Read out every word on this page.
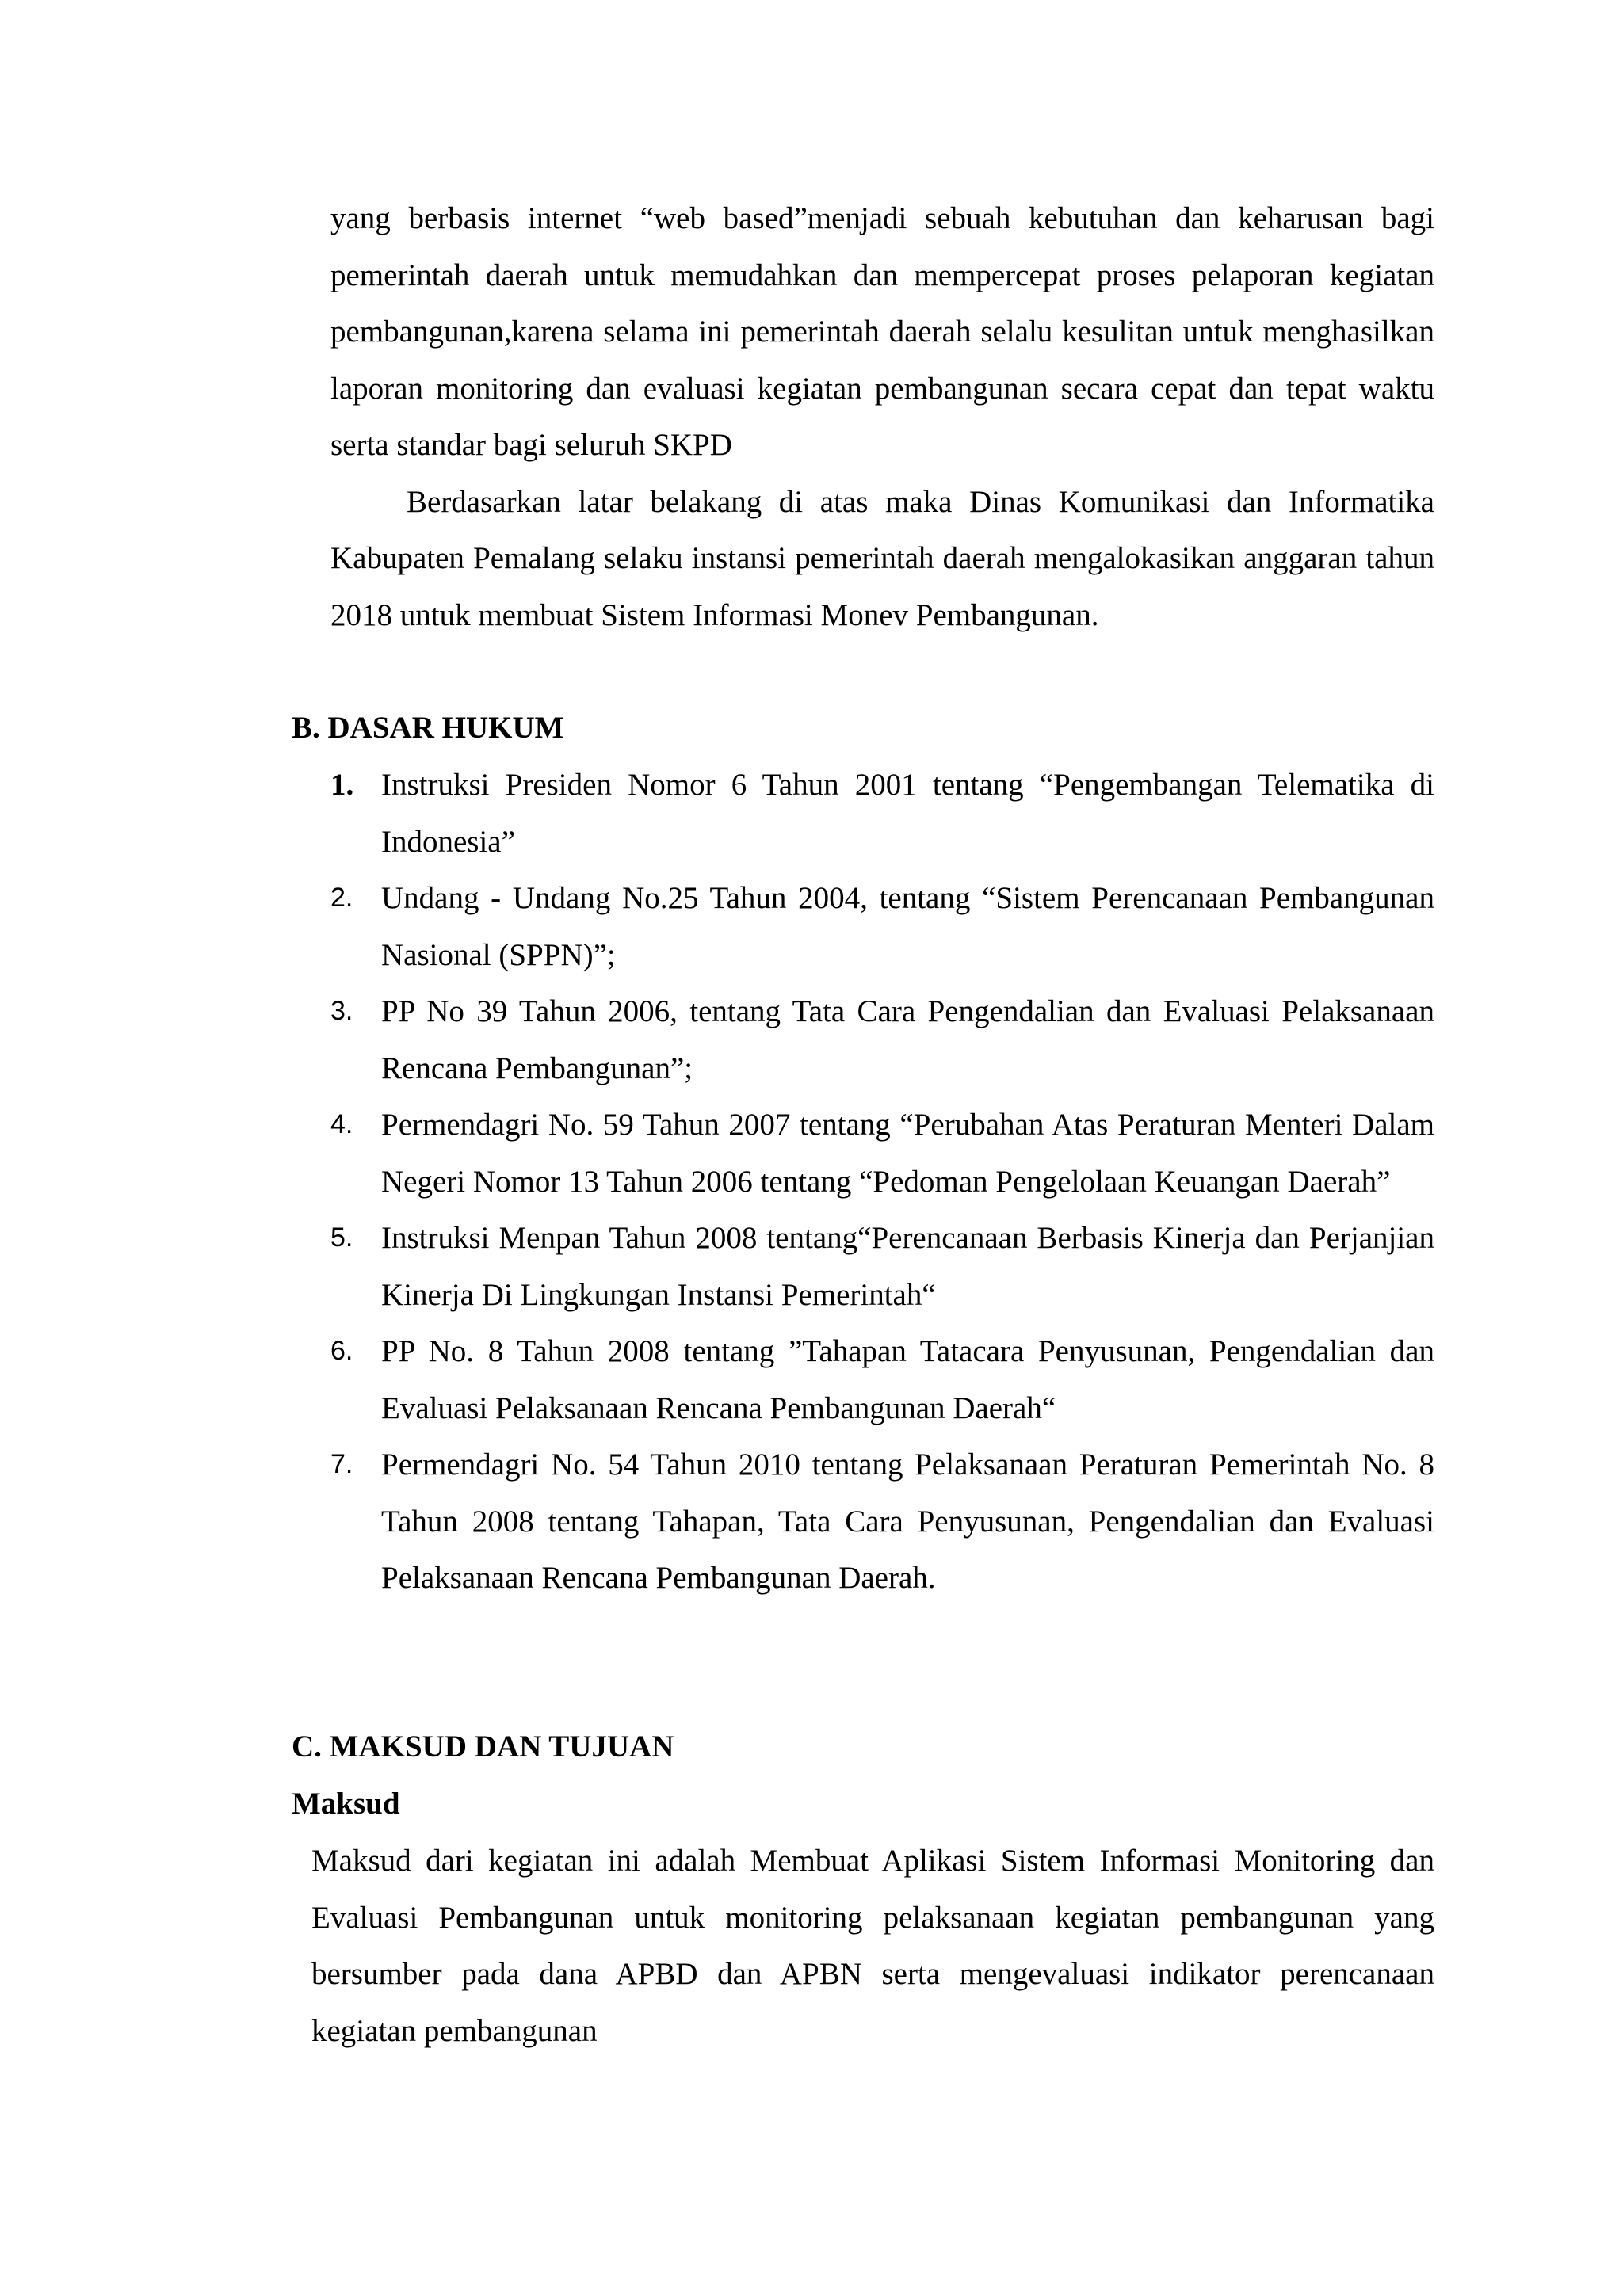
yang berbasis internet “web based”menjadi sebuah kebutuhan dan keharusan bagi pemerintah daerah untuk memudahkan dan mempercepat proses pelaporan kegiatan pembangunan,karena selama ini pemerintah daerah selalu kesulitan untuk menghasilkan laporan monitoring dan evaluasi kegiatan pembangunan secara cepat dan tepat waktu serta standar bagi seluruh SKPD

Berdasarkan latar belakang di atas maka Dinas Komunikasi dan Informatika Kabupaten Pemalang selaku instansi pemerintah daerah mengalokasikan anggaran tahun 2018 untuk membuat Sistem Informasi Monev Pembangunan.

B. DASAR HUKUM
1. Instruksi Presiden Nomor 6 Tahun 2001 tentang “Pengembangan Telematika di Indonesia”
2. Undang - Undang No.25 Tahun 2004, tentang “Sistem Perencanaan Pembangunan Nasional (SPPN)”;
3. PP No 39 Tahun 2006, tentang Tata Cara Pengendalian dan Evaluasi Pelaksanaan Rencana Pembangunan”;
4. Permendagri No. 59 Tahun 2007 tentang “Perubahan Atas Peraturan Menteri Dalam Negeri Nomor 13 Tahun 2006 tentang “Pedoman Pengelolaan Keuangan Daerah”
5. Instruksi Menpan Tahun 2008 tentang“Perencanaan Berbasis Kinerja dan Perjanjian Kinerja Di Lingkungan Instansi Pemerintah“
6. PP No. 8 Tahun 2008 tentang ”Tahapan Tatacara Penyusunan, Pengendalian dan Evaluasi Pelaksanaan Rencana Pembangunan Daerah“
7. Permendagri No. 54 Tahun 2010 tentang Pelaksanaan Peraturan Pemerintah No. 8 Tahun 2008 tentang Tahapan, Tata Cara Penyusunan, Pengendalian dan Evaluasi Pelaksanaan Rencana Pembangunan Daerah.
C. MAKSUD DAN TUJUAN
Maksud

Maksud dari kegiatan ini adalah Membuat Aplikasi Sistem Informasi Monitoring dan Evaluasi Pembangunan untuk monitoring pelaksanaan kegiatan pembangunan yang bersumber pada dana APBD dan APBN serta mengevaluasi indikator perencanaan kegiatan pembangunan
